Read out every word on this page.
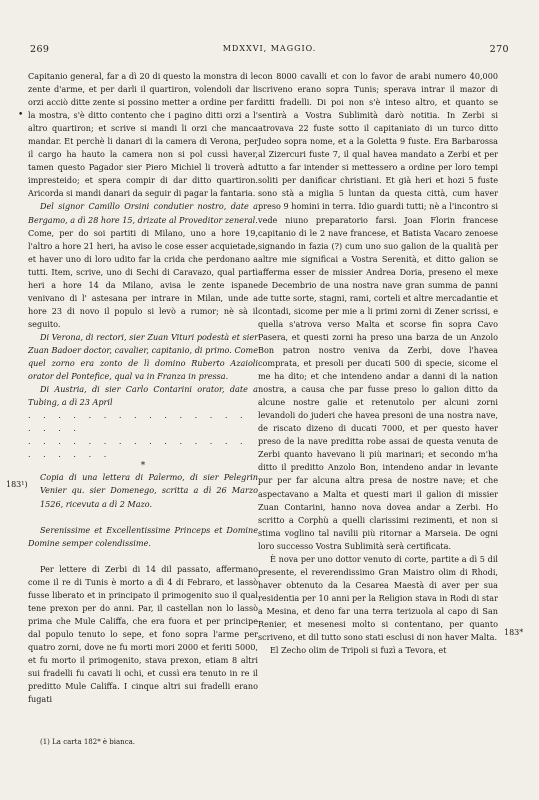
269	MDXXVI, MAGGIO.	270
•

Capitanio general, far a dì 20 di questo la monstra di le zente d'arme, et per darli il quartiron, volendoli dar li orzi acciò ditte zente si possino metter a ordine per far la mostra, s'è ditto contento che i pagino ditti orzi a l' altro quartiron; et scrive si mandi li orzi che manca mandar. Et perchè li danari di la camera di Verona, per il cargo ha hauto la camera non si pol cussì haver, tamen questo Pagador sier Piero Michiel li troverà ad impresteido; et spera compir di dar ditto quartiron. Aricorda si mandi danari da seguir di pagar la fantaria.

Del signor Camillo Orsini condutier nostro, date a Bergamo, a dì 28 hore 15, drizate al Proveditor zeneral.

Come, per do soi partiti di Milano, uno a hore 19, l'altro a hore 21 heri, ha aviso le cose esser acquietade, et haver uno di loro udito far la crida che perdonano a tutti. Item, scrive, uno di Sechi di Caravazo, qual partì heri a hore 14 da Milano, avisa le zente ispane venivano di l' astesana per intrare in Milan, unde a hore 23 di novo il populo si levò a rumor; nè sà il seguito.

Di Verona, di rectori, sier Zuan Vituri podestà et sier Zuan Badoer doctor, cavalier, capitanio, di primo. Come quel zorno era zonto de lì domino Ruberto Azaioli orator del Pontefice, qual va in Franza in pressa.

Di Austria, di sier Carlo Contarini orator, date a Tubing, a dì 23 April

. . . . . . . . . . . . . . . . . . .

. . . . . . . . . . . . . . . . . . . . .

*

Copia di una lettera di Palermo, di sier Pelegrin Venier qu. sier Domenego, scritta a dì 26 Marzo 1526, ricevuta a dì 2 Mazo.

Serenissime et Excellentissime Princeps et Domine Domine semper colendissime.

Per lettere di Zerbi di 14 dil passato, affermano come il re di Tunis è morto a dì 4 di Febraro, et lassò fusse liberato et in principato il primogenito suo il qual tene prexon per do anni. Par, il castellan non lo lassò prima che Mule Califfa, che era fuora et per principe dal populo tenuto lo sepe, et fono sopra l'arme per quatro zorni, dove ne fu morti mori 2000 et feriti 5000, et fu morto il primogenito, stava prexon, etiam 8 altri sui fradelli fu cavati li ochi, et cussì era tenuto in re il preditto Mule Califfa. I cinque altri sui fradelli erano fugati

183¹)

con 8000 cavalli et con lo favor de arabi numero 40,000 scriveno erano sopra Tunis; sperava intrar il mazor di ditti fradelli. Di poi non s'è inteso altro, et quanto se sentirà a Vostra Sublimità darò notitia. In Zerbi si atrovava 22 fuste sotto il capitaniato di un turco ditto Judeo sopra nome, et a la Goletta 9 fuste. Era Barbarossa al Zizercuri fuste 7, il qual havea mandato a Zerbi et per tutto a far intender si mettessero a ordine per loro tempi soliti per danificar christiani. Et già heri et hozi 5 fuste sono stà a miglia 5 luntan da questa città, cum haver preso 9 homini in terra. Idio guardi tutti; nè a l'incontro si vede niuno preparatorio farsi. Joan Florin francese capitanio di le 2 nave francese, et Batista Vacaro zenoese signando in fazia (?) cum uno suo galion de la qualità per altre mie significai a Vostra Serenità, et ditto galion se afferma esser de missier Andrea Doria, preseno el mexe de Decembrio de una nostra nave gran summa de panni de tutte sorte, stagni, rami, corteli et altre mercadantie et contadi, sicome per mie a li primi zorni di Zener scrissi, e quella s'atrova verso Malta et scorse fin sopra Cavo Pasera, et questi zorni ha preso una barza de un Anzolo Bon patron nostro veniva da Zerbi, dove l'havea comprata, et presoli per ducati 500 di specie, sicome el me ha dito; et che intendeno andar a danni di la nation nostra, a causa che par fusse preso lo galion ditto da alcune nostre galie et retenutolo per alcuni zorni levandoli do juderi che havea presoni de una nostra nave, de riscato dizeno di ducati 7000, et per questo haver preso de la nave preditta robe assai de questa venuta de Zerbi quanto havevano li più marinari; et secondo m'ha ditto il preditto Anzolo Bon, intendeno andar in levante pur per far alcuna altra presa de nostre nave; et che aspectavano a Malta et questi mari il galion di missier Zuan Contarini, hanno nova dovea andar a Zerbi. Ho scritto a Corphù a quelli clarissimi rezimenti, et non si stima voglino tal navilii più ritornar a Marseia. De ogni loro successo Vostra Sublimità serà certificata.

È nova per uno dottor venuto di corte, partite a dì 5 dil presente, el reverendissimo Gran Maistro olim di Rhodi, haver obtenuto da la Cesarea Maestà di aver per sua residentia per 10 anni per la Religion stava in Rodi di star a Mesina, et deno far una terra terizuola al capo di San Renier, et mesenesi molto si contentano, per quanto scriveno, et dil tutto sono stati esclusi di non haver Malta.

El Zecho olim de Tripoli si fuzì a Tevora, et

183*
(1) La carta 182* è bianca.
